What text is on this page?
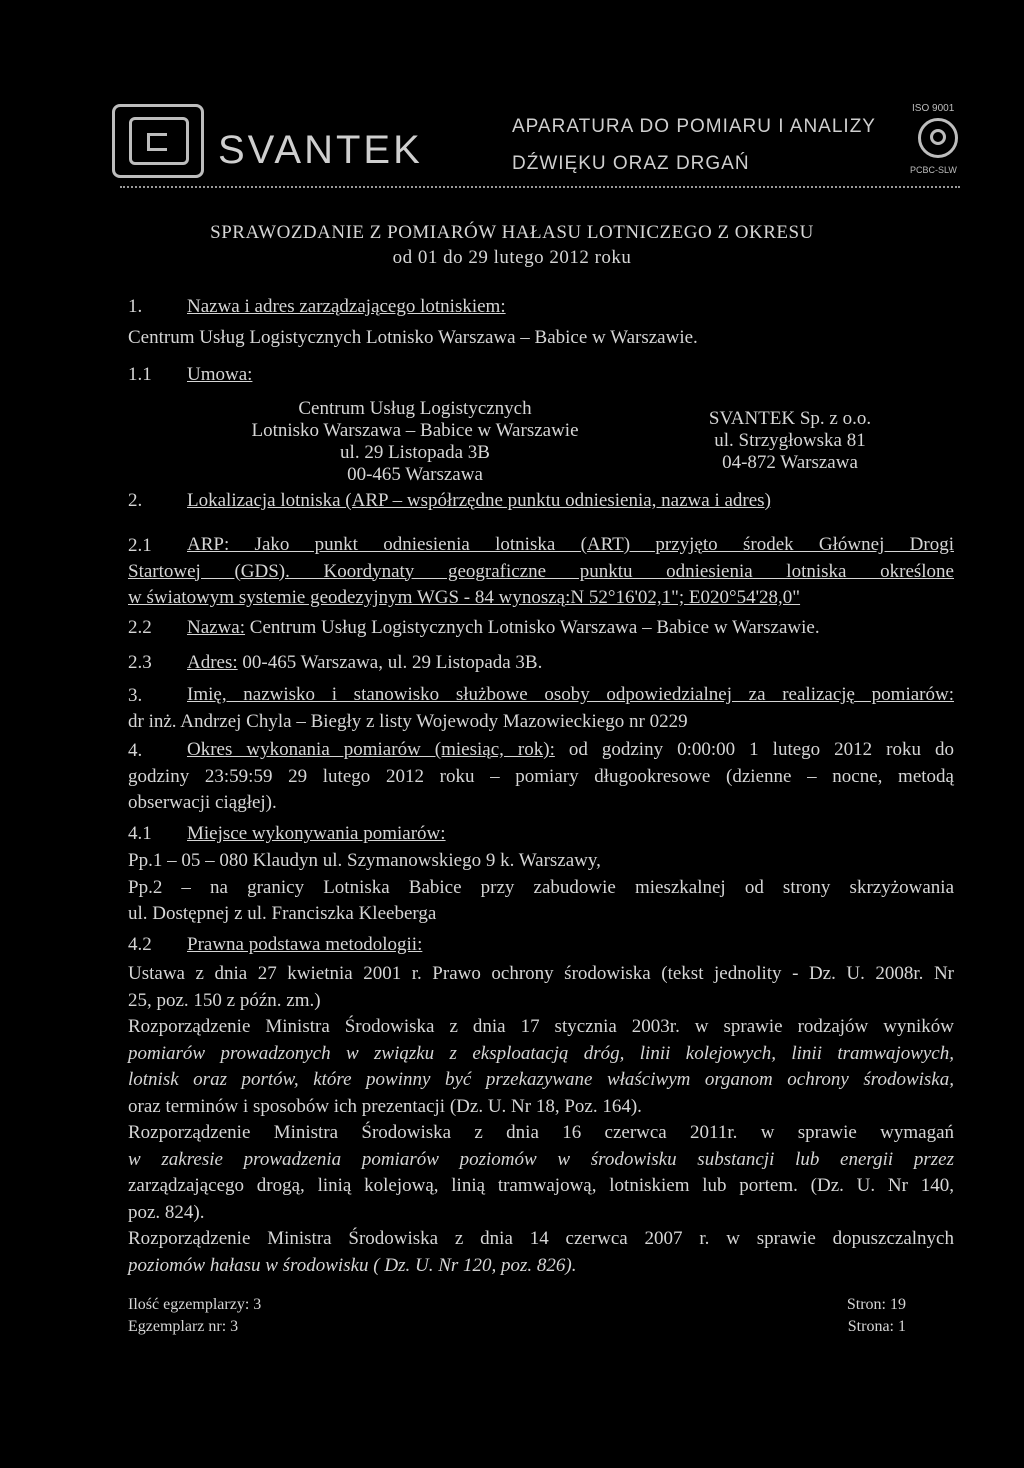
SVANTEK
APARATURA DO POMIARU I ANALIZY
DŹWIĘKU ORAZ DRGAŃ
ISO 9001
PCBC-SLW
SPRAWOZDANIE Z POMIARÓW HAŁASU LOTNICZEGO Z OKRESU
od 01 do 29 lutego 2012 roku
1. Nazwa i adres zarządzającego lotniskiem:
Centrum Usług Logistycznych Lotnisko Warszawa – Babice w Warszawie.
1.1 Umowa:
Centrum Usług Logistycznych
Lotnisko Warszawa – Babice w Warszawie
ul. 29 Listopada 3B
00-465 Warszawa
SVANTEK Sp. z o.o.
ul. Strzygłowska 81
04-872 Warszawa
2. Lokalizacja lotniska (ARP – współrzędne punktu odniesienia, nazwa i adres)
2.1	ARP: Jako punkt odniesienia lotniska (ART) przyjęto środek Głównej Drogi
Startowej (GDS). Koordynaty geograficzne punktu odniesienia lotniska określone
w światowym systemie geodezyjnym WGS - 84 wynoszą:N 52°16'02,1"; E020°54'28,0"
2.2 Nazwa: Centrum Usług Logistycznych Lotnisko Warszawa – Babice w Warszawie.
2.3 Adres: 00-465 Warszawa, ul. 29 Listopada 3B.
3.	Imię, nazwisko i stanowisko służbowe osoby odpowiedzialnej za realizację pomiarów:
dr inż. Andrzej Chyla – Biegły z listy Wojewody Mazowieckiego nr 0229
4.	Okres wykonania pomiarów (miesiąc, rok): od godziny 0:00:00 1 lutego 2012 roku do
godziny 23:59:59 29 lutego 2012 roku – pomiary długookresowe (dzienne – nocne, metodą
obserwacji ciągłej).
4.1 Miejsce wykonywania pomiarów:
Pp.1 – 05 – 080 Klaudyn ul. Szymanowskiego 9 k. Warszawy,
Pp.2 – na granicy Lotniska Babice przy zabudowie mieszkalnej od strony skrzyżowania
ul. Dostępnej z ul. Franciszka Kleeberga
4.2 Prawna podstawa metodologii:
Ustawa z dnia 27 kwietnia 2001 r. Prawo ochrony środowiska (tekst jednolity - Dz. U. 2008r. Nr
25, poz. 150 z późn. zm.)
Rozporządzenie Ministra Środowiska z dnia 17 stycznia 2003r. w sprawie rodzajów wyników
pomiarów prowadzonych w związku z eksploatacją dróg, linii kolejowych, linii tramwajowych,
lotnisk oraz portów, które powinny być przekazywane właściwym organom ochrony środowiska,
oraz terminów i sposobów ich prezentacji (Dz. U. Nr 18, Poz. 164).
Rozporządzenie Ministra Środowiska z dnia 16 czerwca 2011r. w sprawie wymagań
w zakresie prowadzenia pomiarów poziomów w środowisku substancji lub energii przez
zarządzającego drogą, linią kolejową, linią tramwajową, lotniskiem lub portem. (Dz. U. Nr 140,
poz. 824).
Rozporządzenie Ministra Środowiska z dnia 14 czerwca 2007 r. w sprawie dopuszczalnych
poziomów hałasu w środowisku ( Dz. U. Nr 120, poz. 826).
Ilość egzemplarzy: 3
Egzemplarz nr: 3
Stron: 19
Strona: 1
